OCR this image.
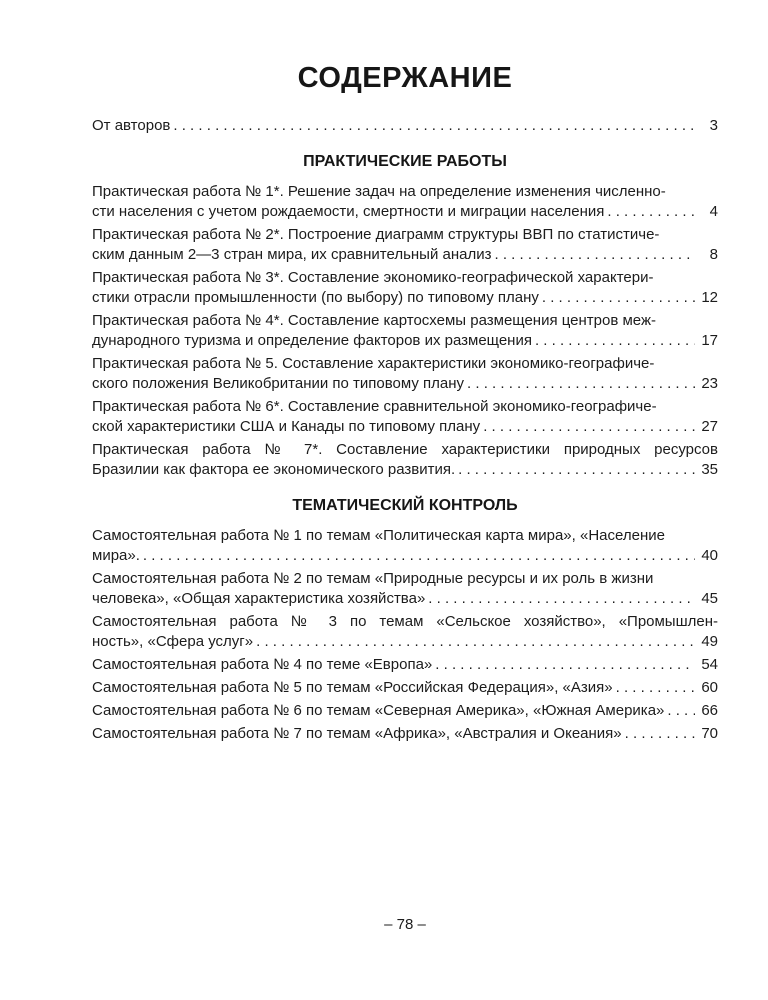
СОДЕРЖАНИЕ
От авторов . . .	3
ПРАКТИЧЕСКИЕ РАБОТЫ
Практическая работа № 1*. Решение задач на определение изменения численно-
сти населения с учетом рождаемости, смертности и миграции населения . . .	4
Практическая работа № 2*. Построение диаграмм структуры ВВП по статистиче-
ским данным 2—3 стран мира, их сравнительный анализ . . .	8
Практическая работа № 3*. Составление экономико-географической характери-
стики отрасли промышленности (по выбору) по типовому плану . . .	12
Практическая работа № 4*. Составление картосхемы размещения центров меж-
дународного туризма и определение факторов их размещения . . .	17
Практическая работа № 5. Составление характеристики экономико-географиче-
ского положения Великобритании по типовому плану . . .	23
Практическая работа № 6*. Составление сравнительной экономико-географиче-
ской характеристики США и Канады по типовому плану . . .	27
Практическая работа № 7*. Составление характеристики природных ресурсов
Бразилии как фактора ее экономического развития. . . .	35
ТЕМАТИЧЕСКИЙ КОНТРОЛЬ
Самостоятельная работа № 1 по темам «Политическая карта мира», «Население
мира». . . .	40
Самостоятельная работа № 2 по темам «Природные ресурсы и их роль в жизни
человека», «Общая характеристика хозяйства» . . .	45
Самостоятельная работа № 3 по темам «Сельское хозяйство», «Промышлен-
ность», «Сфера услуг» . . .	49
Самостоятельная работа № 4 по теме «Европа» . . .	54
Самостоятельная работа № 5 по темам «Российская Федерация», «Азия» . . .	60
Самостоятельная работа № 6 по темам «Северная Америка», «Южная Америка» . . . 66
Самостоятельная работа № 7 по темам «Африка», «Австралия и Океания» . . .	70
– 78 –
